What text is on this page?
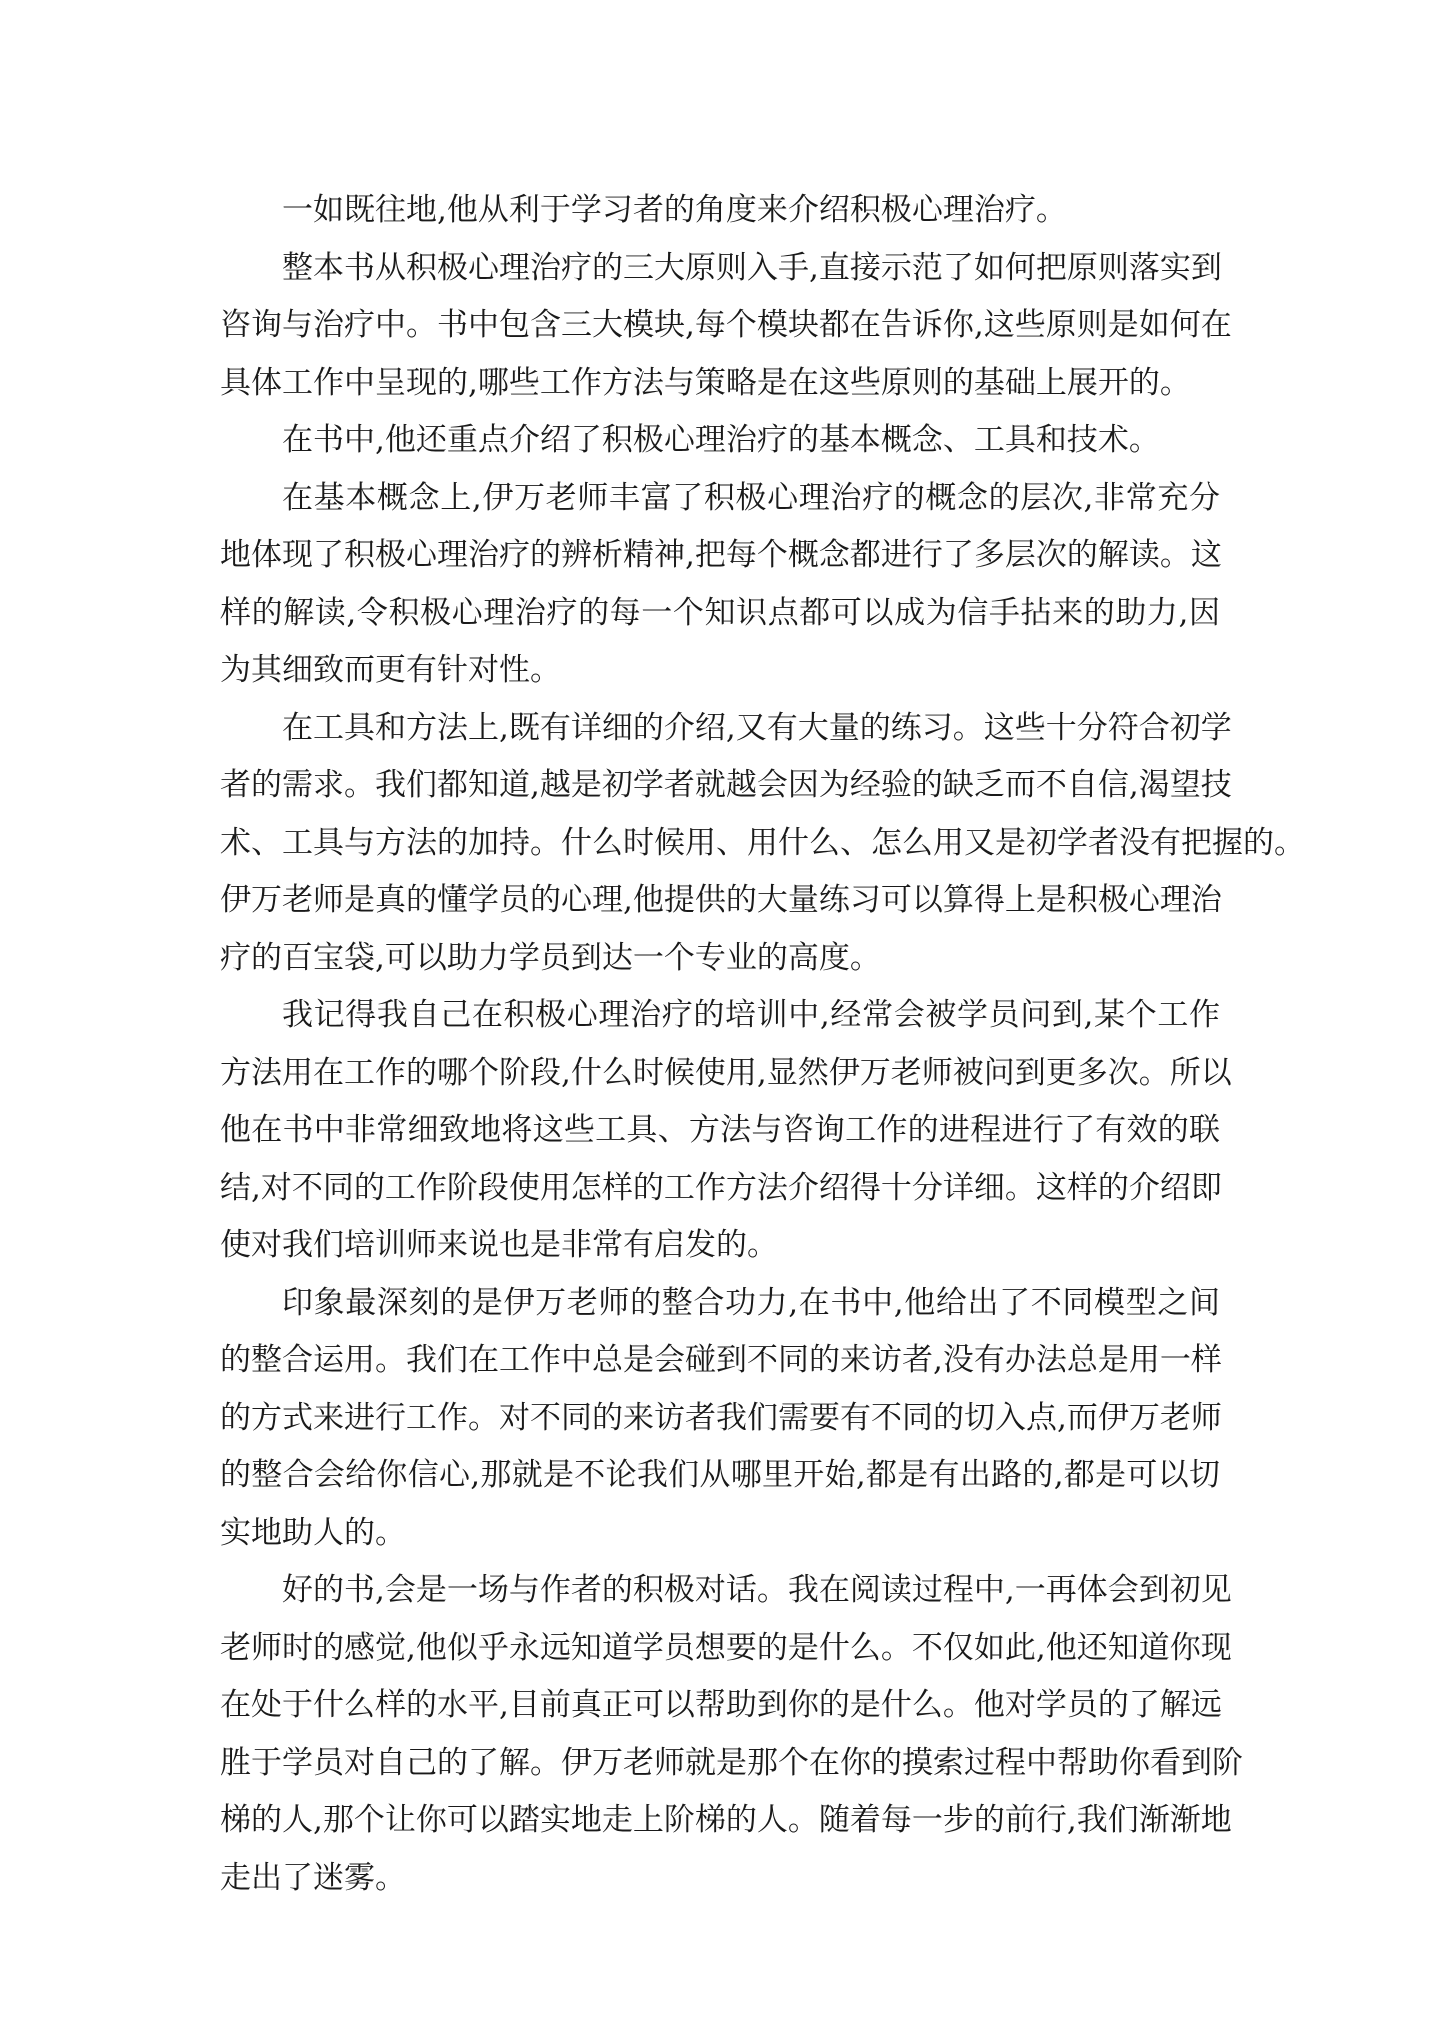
一如既往地,他从利于学习者的角度来介绍积极心理治疗。
整本书从积极心理治疗的三大原则入手,直接示范了如何把原则落实到
咨询与治疗中。书中包含三大模块,每个模块都在告诉你,这些原则是如何在
具体工作中呈现的,哪些工作方法与策略是在这些原则的基础上展开的。
在书中,他还重点介绍了积极心理治疗的基本概念、工具和技术。
在基本概念上,伊万老师丰富了积极心理治疗的概念的层次,非常充分
地体现了积极心理治疗的辨析精神,把每个概念都进行了多层次的解读。这
样的解读,令积极心理治疗的每一个知识点都可以成为信手拈来的助力,因
为其细致而更有针对性。
在工具和方法上,既有详细的介绍,又有大量的练习。这些十分符合初学
者的需求。我们都知道,越是初学者就越会因为经验的缺乏而不自信,渴望技
术、工具与方法的加持。什么时候用、用什么、怎么用又是初学者没有把握的。
伊万老师是真的懂学员的心理,他提供的大量练习可以算得上是积极心理治
疗的百宝袋,可以助力学员到达一个专业的高度。
我记得我自己在积极心理治疗的培训中,经常会被学员问到,某个工作
方法用在工作的哪个阶段,什么时候使用,显然伊万老师被问到更多次。所以
他在书中非常细致地将这些工具、方法与咨询工作的进程进行了有效的联
结,对不同的工作阶段使用怎样的工作方法介绍得十分详细。这样的介绍即
使对我们培训师来说也是非常有启发的。
印象最深刻的是伊万老师的整合功力,在书中,他给出了不同模型之间
的整合运用。我们在工作中总是会碰到不同的来访者,没有办法总是用一样
的方式来进行工作。对不同的来访者我们需要有不同的切入点,而伊万老师
的整合会给你信心,那就是不论我们从哪里开始,都是有出路的,都是可以切
实地助人的。
好的书,会是一场与作者的积极对话。我在阅读过程中,一再体会到初见
老师时的感觉,他似乎永远知道学员想要的是什么。不仅如此,他还知道你现
在处于什么样的水平,目前真正可以帮助到你的是什么。他对学员的了解远
胜于学员对自己的了解。伊万老师就是那个在你的摸索过程中帮助你看到阶
梯的人,那个让你可以踏实地走上阶梯的人。随着每一步的前行,我们渐渐地
走出了迷雾。
